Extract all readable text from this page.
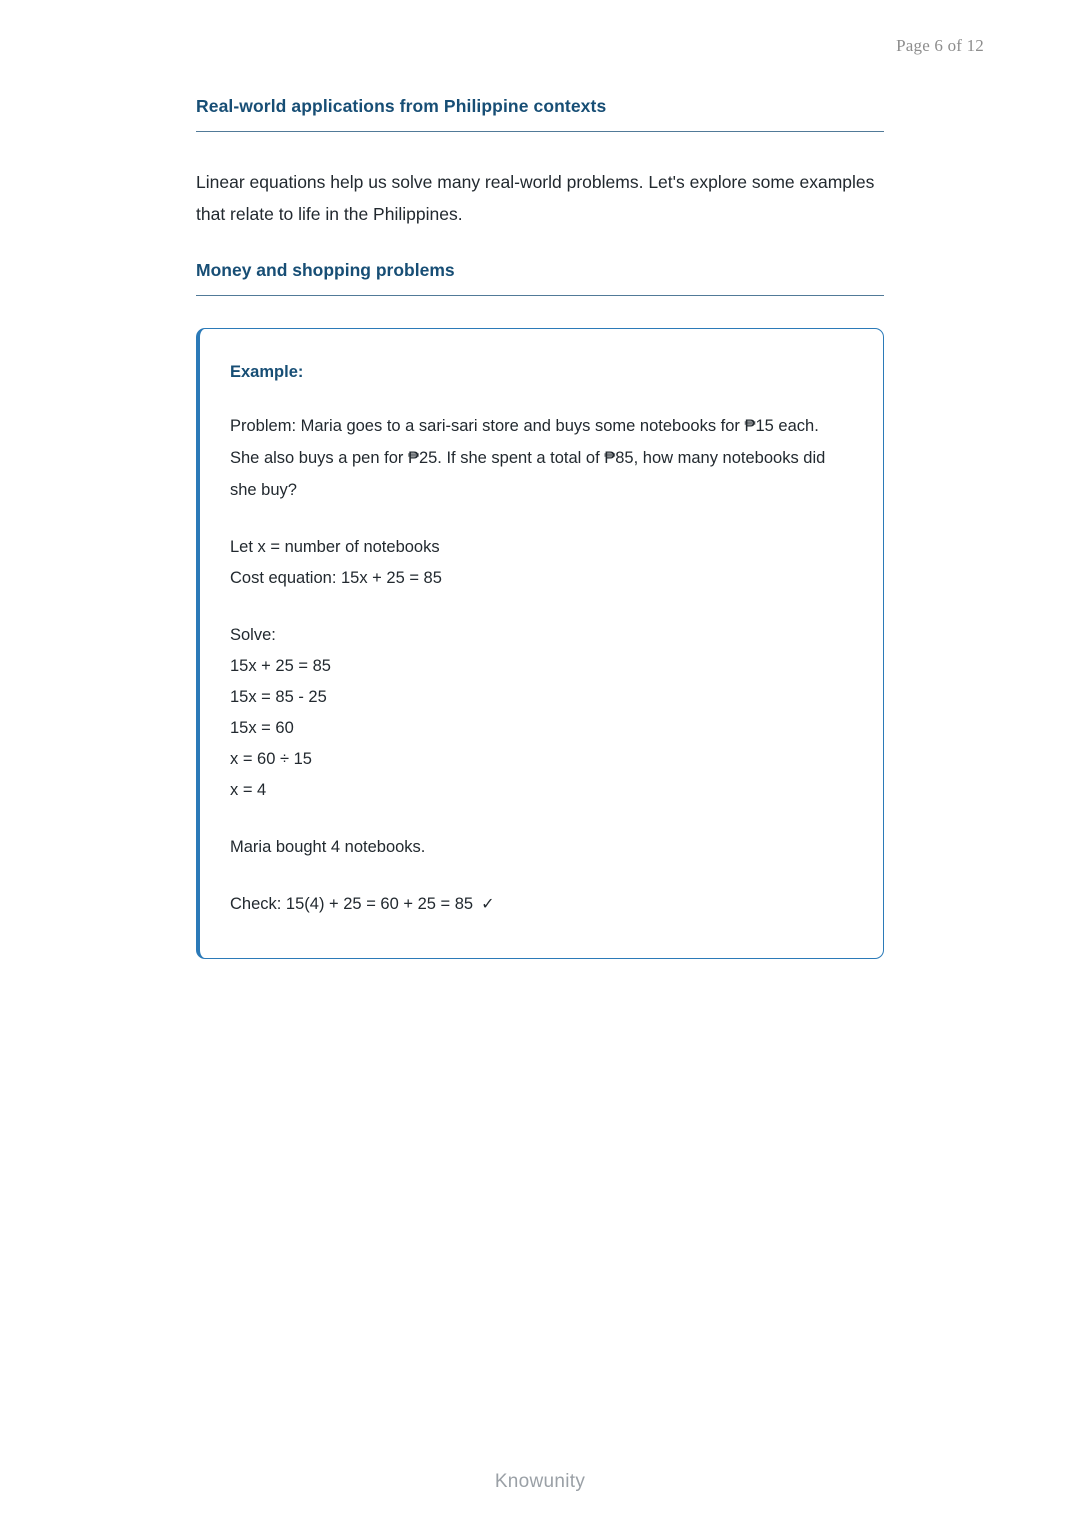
Page 6 of 12
Real-world applications from Philippine contexts

Linear equations help us solve many real-world problems. Let's explore some examples that relate to life in the Philippines.

Money and shopping problems
Example:

Problem: Maria goes to a sari-sari store and buys some notebooks for ₱15 each. She also buys a pen for ₱25. If she spent a total of ₱85, how many notebooks did she buy?

Let x = number of notebooks

Cost equation: 15x + 25 = 85

Solve:

15x + 25 = 85

15x = 85 - 25

15x = 60

x = 60 ÷ 15

x = 4

Maria bought 4 notebooks.

Check: 15(4) + 25 = 60 + 25 = 85 ✓

Knowunity
